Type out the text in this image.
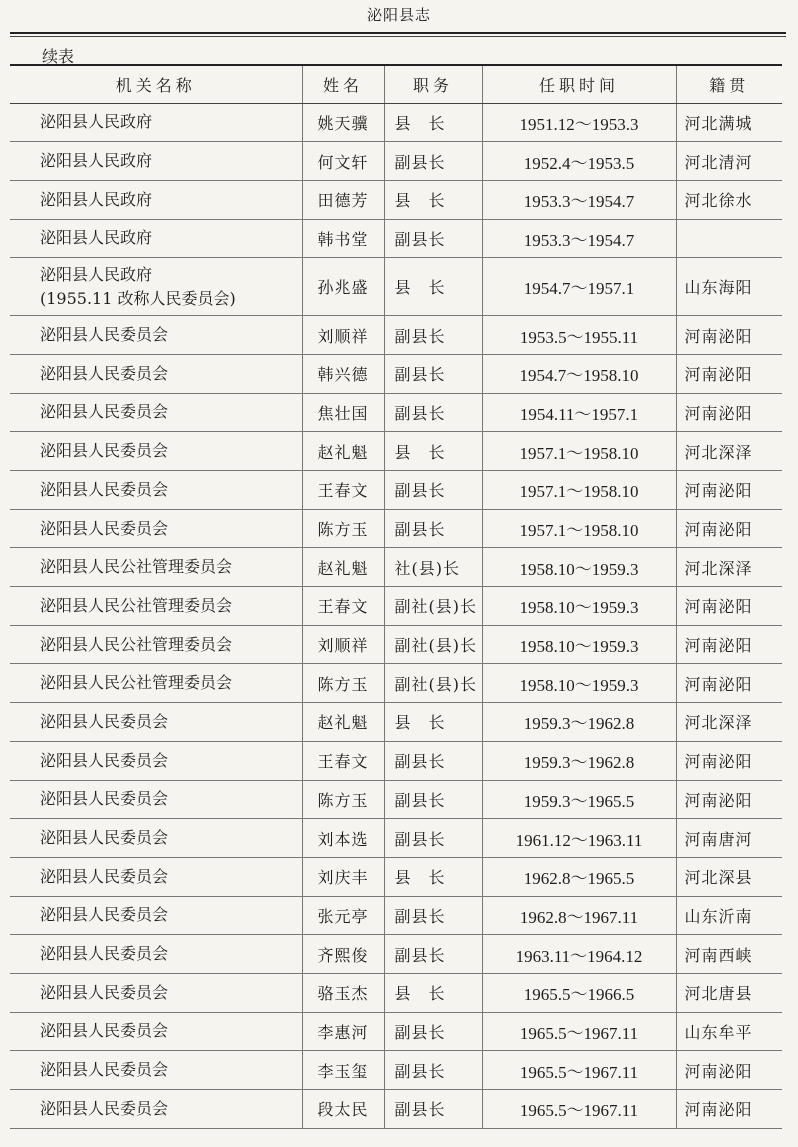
泌阳县志
续表
机关名称	姓名	职务	任职时间	籍贯

泌阳县人民政府	姚天骥	县　长	1951.12～1953.3	河北满城

泌阳县人民政府	何文轩	副县长	1952.4～1953.5	河北清河

泌阳县人民政府	田德芳	县　长	1953.3～1954.7	河北徐水

泌阳县人民政府	韩书堂	副县长	1953.3～1954.7	

泌阳县人民政府
(1955.11 改称人民委员会)	孙兆盛	县　长	1954.7～1957.1	山东海阳

泌阳县人民委员会	刘顺祥	副县长	1953.5～1955.11	河南泌阳

泌阳县人民委员会	韩兴德	副县长	1954.7～1958.10	河南泌阳

泌阳县人民委员会	焦壮国	副县长	1954.11～1957.1	河南泌阳

泌阳县人民委员会	赵礼魁	县　长	1957.1～1958.10	河北深泽

泌阳县人民委员会	王春文	副县长	1957.1～1958.10	河南泌阳

泌阳县人民委员会	陈方玉	副县长	1957.1～1958.10	河南泌阳

泌阳县人民公社管理委员会	赵礼魁	社(县)长	1958.10～1959.3	河北深泽

泌阳县人民公社管理委员会	王春文	副社(县)长	1958.10～1959.3	河南泌阳

泌阳县人民公社管理委员会	刘顺祥	副社(县)长	1958.10～1959.3	河南泌阳

泌阳县人民公社管理委员会	陈方玉	副社(县)长	1958.10～1959.3	河南泌阳

泌阳县人民委员会	赵礼魁	县　长	1959.3～1962.8	河北深泽

泌阳县人民委员会	王春文	副县长	1959.3～1962.8	河南泌阳

泌阳县人民委员会	陈方玉	副县长	1959.3～1965.5	河南泌阳

泌阳县人民委员会	刘本选	副县长	1961.12～1963.11	河南唐河

泌阳县人民委员会	刘庆丰	县　长	1962.8～1965.5	河北深县

泌阳县人民委员会	张元亭	副县长	1962.8～1967.11	山东沂南

泌阳县人民委员会	齐熙俊	副县长	1963.11～1964.12	河南西峡

泌阳县人民委员会	骆玉杰	县　长	1965.5～1966.5	河北唐县

泌阳县人民委员会	李惠河	副县长	1965.5～1967.11	山东牟平

泌阳县人民委员会	李玉玺	副县长	1965.5～1967.11	河南泌阳

泌阳县人民委员会	段太民	副县长	1965.5～1967.11	河南泌阳
